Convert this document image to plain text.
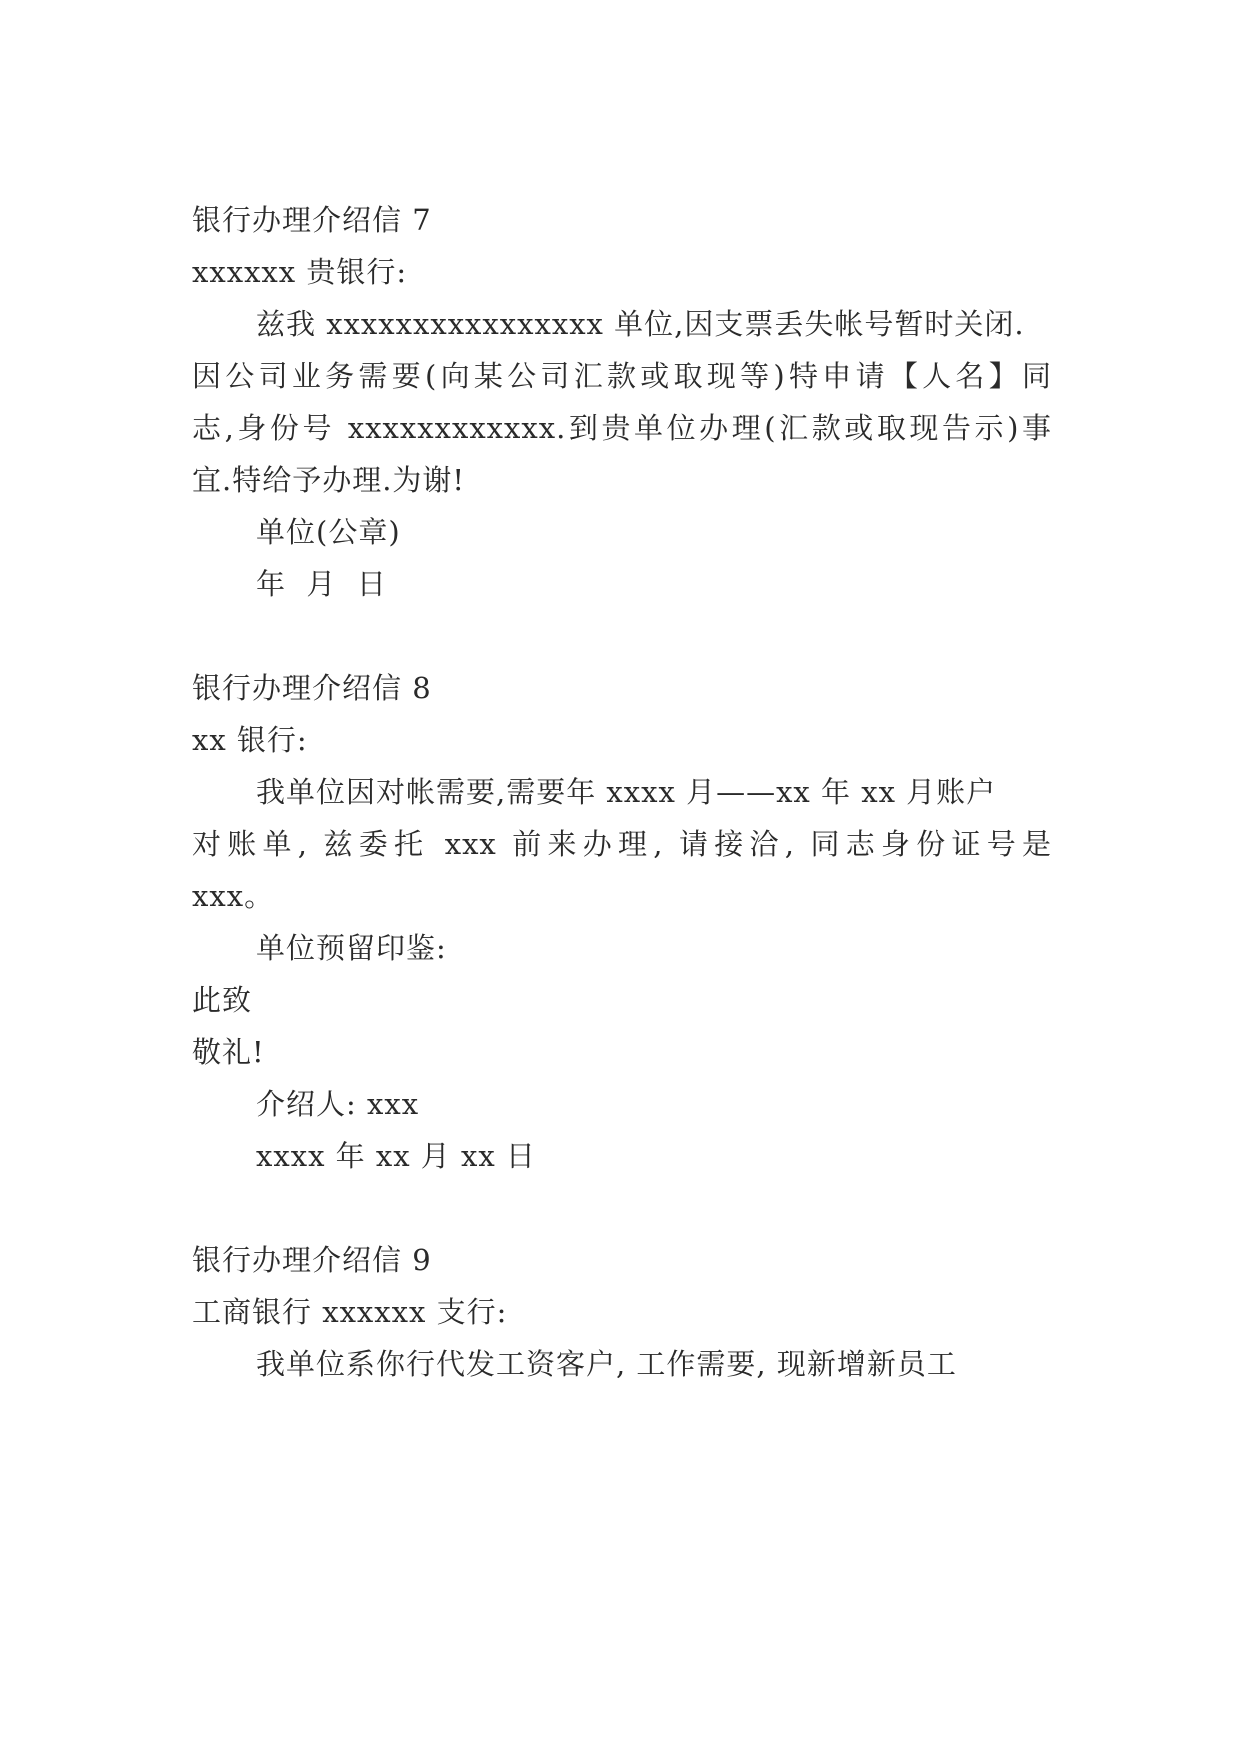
银行办理介绍信 7
xxxxxx 贵银行:
兹我 xxxxxxxxxxxxxxxx 单位,因支票丢失帐号暂时关闭.
因公司业务需要(向某公司汇款或取现等)特申请【人名】同
志,身份号 xxxxxxxxxxxx.到贵单位办理(汇款或取现告示)事
宜.特给予办理.为谢!
单位(公章)
年  月  日
银行办理介绍信 8
xx 银行:
我单位因对帐需要,需要年 xxxx 月——xx 年 xx 月账户
对账单, 兹委托 xxx 前来办理, 请接洽, 同志身份证号是
xxx。
单位预留印鉴:
此致
敬礼!
介绍人: xxx
xxxx 年 xx 月 xx 日
银行办理介绍信 9
工商银行 xxxxxx 支行:
我单位系你行代发工资客户, 工作需要, 现新增新员工
